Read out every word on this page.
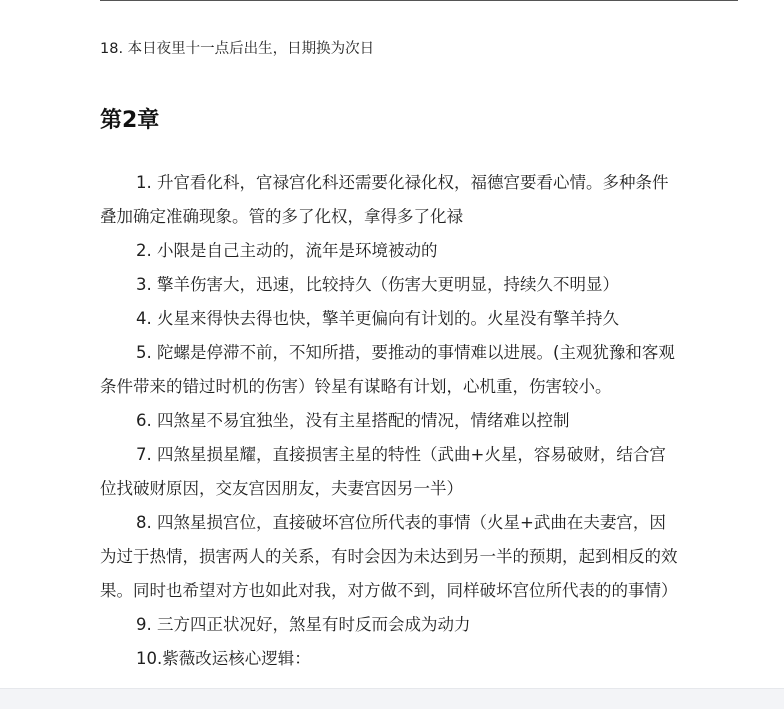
18. 本日夜里十一点后出生，日期换为次日
第2章

1. 升官看化科，官禄宫化科还需要化禄化权，福德宫要看心情。多种条件
叠加确定准确现象。管的多了化权，拿得多了化禄

2. 小限是自己主动的，流年是环境被动的

3. 擎羊伤害大，迅速，比较持久（伤害大更明显，持续久不明显）

4. 火星来得快去得也快，擎羊更偏向有计划的。火星没有擎羊持久

5. 陀螺是停滞不前，不知所措，要推动的事情难以进展。(主观犹豫和客观
条件带来的错过时机的伤害）铃星有谋略有计划，心机重，伤害较小。

6. 四煞星不易宜独坐，没有主星搭配的情况，情绪难以控制

7. 四煞星损星耀，直接损害主星的特性（武曲+火星，容易破财，结合宫
位找破财原因，交友宫因朋友，夫妻宫因另一半）

8. 四煞星损宫位，直接破坏宫位所代表的事情（火星+武曲在夫妻宫，因
为过于热情，损害两人的关系，有时会因为未达到另一半的预期，起到相反的效
果。同时也希望对方也如此对我，对方做不到，同样破坏宫位所代表的的事情）

9. 三方四正状况好，煞星有时反而会成为动力

10.紫薇改运核心逻辑：
